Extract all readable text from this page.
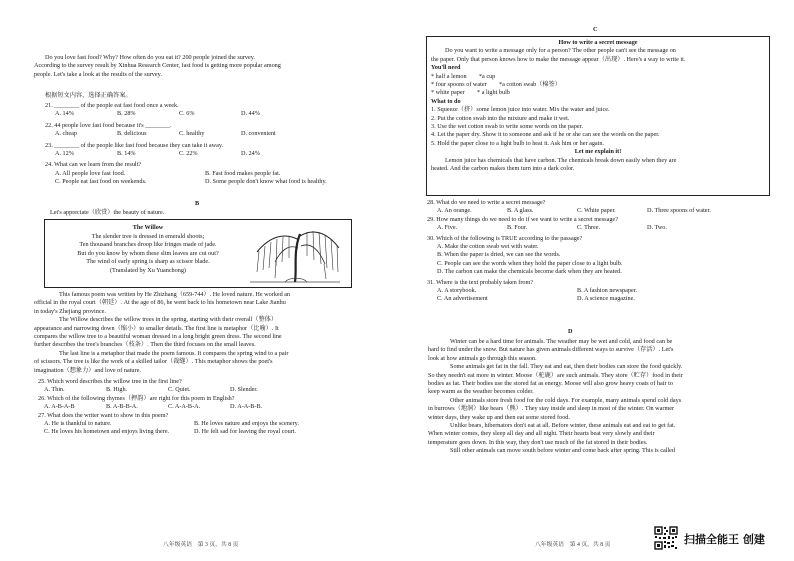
Do you love fast food? Why? How often do you eat it? 200 people joined the survey.
According to the survey result by Xinhua Research Center, fast food is getting more popular among
people. Let's take a look at the results of the survey.
根据短文内容，选择正确答案。
21. ________ of the people eat fast food once a week.
A. 14%	B. 28%	C. 6%	D. 44%
22. 44 people love fast food because it's ________.
A. cheap	B. delicious	C. healthy	D. convenient
23. ________ of the people like fast food because they can take it away.
A. 12%	B. 14%	C. 22%	D. 24%
24. What can we learn from the result?
A. All people love fast food.	B. Fast food makes people fat.
C. People eat fast food on weekends.	D. Some people don't know what food is healthy.
B
Let's appreciate（欣赏）the beauty of nature.
The Willow
The slender tree is dressed in emerald shoots;
Ten thousand branches droop like fringes made of jade.
But do you know by whom these slim leaves are cut out?
The wind of early spring is sharp as scissor blade.
(Translated by Xu Yuanchong)
This famous poem was written by He Zhizhang（659-744）. He loved nature. He worked an
official in the royal court（朝廷）. At the age of 86, he went back to his hometown near Lake Jianhu
in today's Zhejiang province.
The Willow describes the willow trees in the spring, starting with their overall（整体）
appearance and narrowing down（缩小）to smaller details. The first line is metaphor（比喻）. It
compares the willow tree to a beautiful woman dressed in a long bright green dress. The second line
further describes the tree's branches（枝条）. Then the third focuses on the small leaves.
The last line is a metaphor that made the poem famous. It compares the spring wind to a pair
of scissors. The tree is like the work of a skilled tailor（裁缝）. This metaphor shows the poet's
imagination（想象力）and love of nature.
25. Which word describes the willow tree in the first line?
A. Thin.	B. High.	C. Quiet.	D. Slender.
26. Which of the following rhymes（押韵）are right for this poem in English?
A. A-B-A-B	B. A-B-B-A.	C. A-A-B-A.	D. A-A-B-B.
27. What does the writer want to show in this poem?
A. He is thankful to nature.	B. He loves nature and enjoys the scenery.
C. He loves his hometown and enjoys living there.	D. He felt sad for leaving the royal court.
八年级英语　第 3 页，共 8 页
C
How to write a secret message
Do you want to write a message only for a person? The other people can't see the message on
the paper. Only that person knows how to make the message appear（出现）. Here's a way to write it.
You'll need
* half a lemon　　*a cup
* four spoons of water　　*a cotton swab（棉签）
* white paper　　* a light bulb
What to do
1. Squeeze（挤）some lemon juice into water. Mix the water and juice.
2. Put the cotton swab into the mixture and make it wet.
3. Use the wet cotton swab to write some words on the paper.
4. Let the paper dry. Show it to someone and ask if he or she can see the words on the paper.
5. Hold the paper close to a light bulb to heat it. Ask him or her again.
Let me explain it!
Lemon juice has chemicals that have carbon. The chemicals break down easily when they are
heated. And the carbon makes them turn into a dark color.
28. What do we need to write a secret message?
A. An orange.	B. A glass.	C. White paper.	D. Three spoons of water.
29. How many things do we need to do if we want to write a secret message?
A. Five.	B. Four.	C. Three.	D. Two.
30. Which of the following is TRUE according to the passage?
A. Make the cotton swab wet with water.
B. When the paper is dried, we can see the words.
C. People can see the words when they hold the paper close to a light bulb.
D. The carbon can make the chemicals become dark when they are heated.
31. Where is the text probably taken from?
A. A storybook.	B. A fashion newspaper.
C. An advertisement	D. A science magazine.
D
Winter can be a hard time for animals. The weather may be wet and cold, and food can be
hard to find under the snow. But nature has given animals different ways to survive（存活）. Let's
look at how animals go through this season.
Some animals get fat in the fall. They eat and eat, then their bodies can store the food quickly.
So they needn't eat more in winter. Moose（驼鹿）are such animals. They store（贮存）food in their
bodies as fat. Their bodies use the stored fat as energy. Moose will also grow heavy coats of hair to
keep warm as the weather becomes colder.
Other animals store fresh food for the cold days. For example, many animals spend cold days
in burrows（地洞）like bears（熊）. They stay inside and sleep in most of the winter. On warmer
winter days, they wake up and then eat some stored food.
Unlike bears, hibernators don't eat at all. Before winter, these animals eat and eat to get fat.
When winter comes, they sleep all day and all night. Their hearts beat very slowly and their
temperature goes down. In this way, they don't use much of the fat stored in their bodies.
Still other animals can move south before winter and come back after spring. This is called
八年级英语　第 4 页，共 8 页	扫描全能王 创建
